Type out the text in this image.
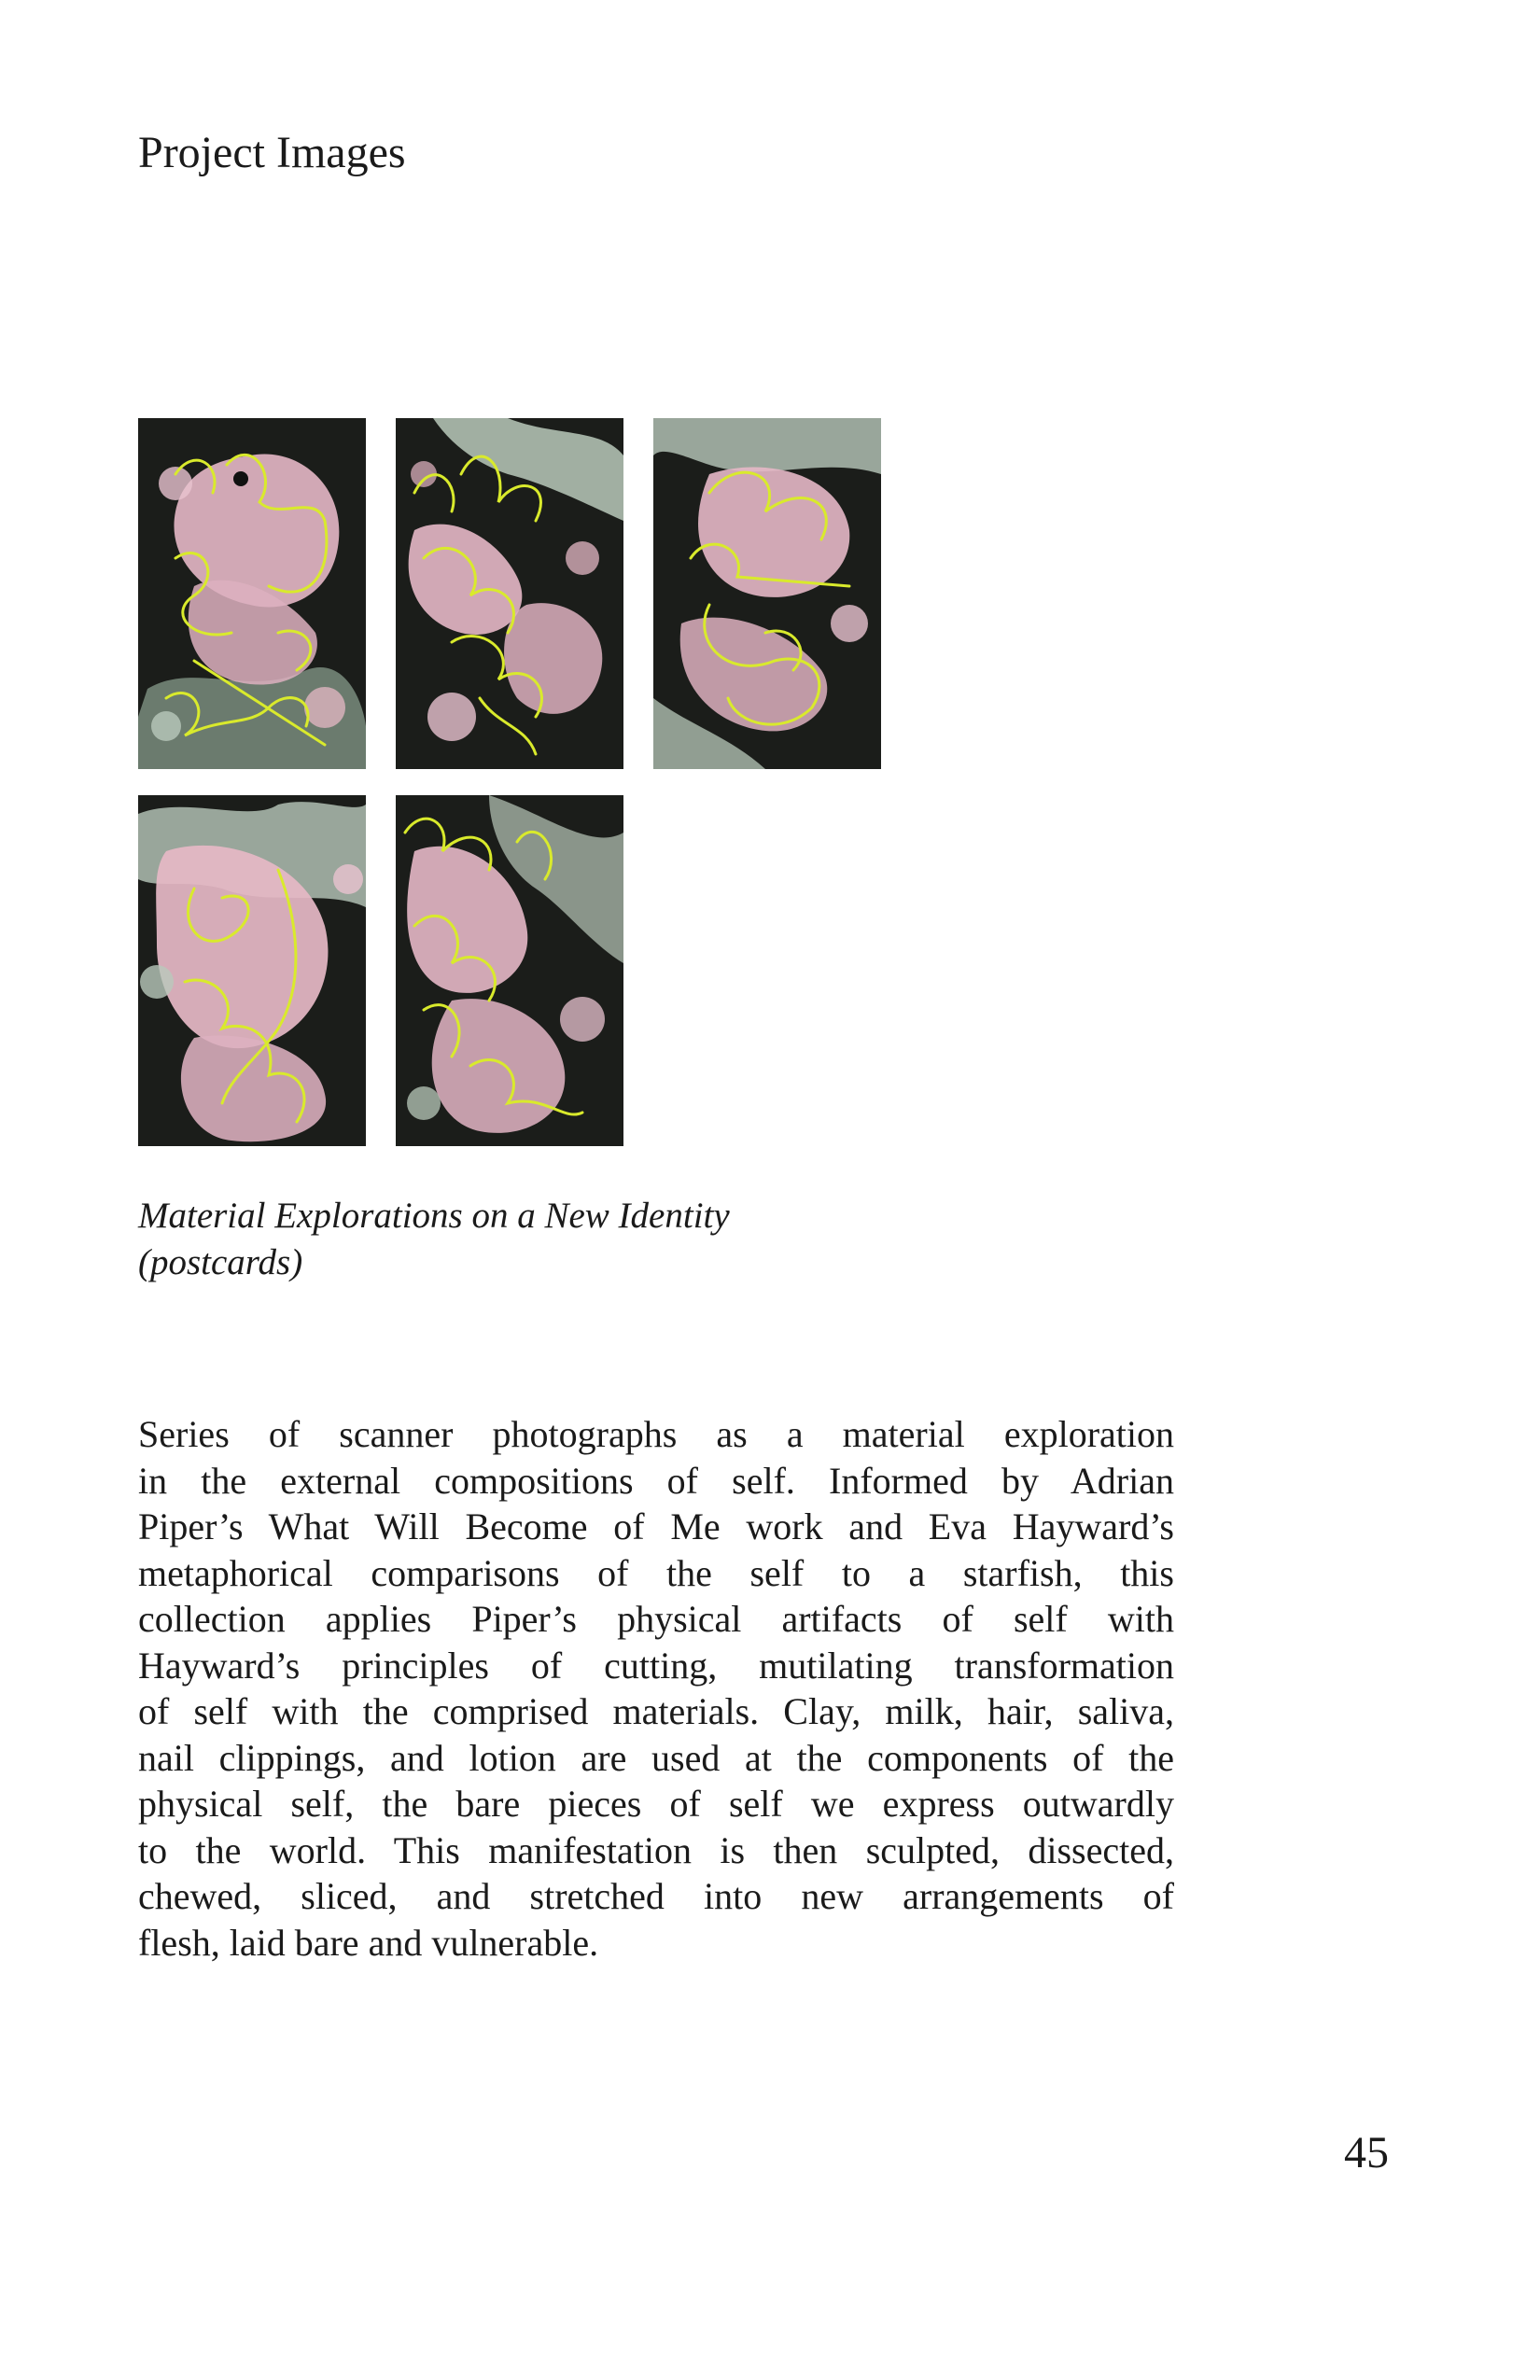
Project Images
Material Explorations on a New Identity
(postcards)
Series of scanner photographs as a material exploration
in the external compositions of self. Informed by Adrian
Piper’s What Will Become of Me work and Eva Hayward’s
metaphorical comparisons of the self to a starfish, this
collection applies Piper’s physical artifacts of self with
Hayward’s principles of cutting, mutilating transformation
of self with the comprised materials. Clay, milk, hair, saliva,
nail clippings, and lotion are used at the components of the
physical self, the bare pieces of self we express outwardly
to the world. This manifestation is then sculpted, dissected,
chewed, sliced, and stretched into new arrangements of
flesh, laid bare and vulnerable.
45
